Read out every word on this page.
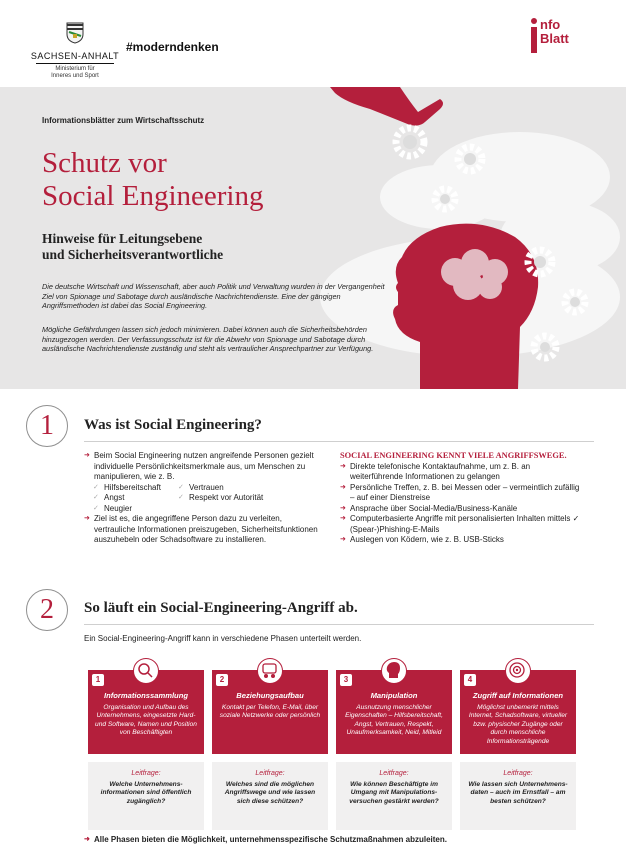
SACHSEN-ANHALT
Ministerium für
Inneres und Sport
#moderndenken
nfo
Blatt
Informationsblätter zum Wirtschaftsschutz
Schutz vor
Social Engineering
Hinweise für Leitungsebene
und Sicherheitsverantwortliche
Die deutsche Wirtschaft und Wissenschaft, aber auch Politik und Verwaltung wurden in der Vergangenheit Ziel von Spionage und Sabotage durch ausländische Nachrichtendienste. Eine der gängigen Angriffsmethoden ist dabei das Social Engineering.
Mögliche Gefährdungen lassen sich jedoch minimieren. Dabei können auch die Sicherheitsbehörden hinzugezogen werden. Der Verfassungsschutz ist für die Abwehr von Spionage und Sabotage durch ausländische Nachrichtendienste zuständig und steht als vertraulicher Ansprechpartner zur Verfügung.
1	Was ist Social Engineering?
➜ Beim Social Engineering nutzen angreifende Personen gezielt individuelle Persönlichkeitsmerkmale aus, um Menschen zu manipulieren, wie z. B.
✓ Hilfsbereitschaft	✓ Vertrauen
✓ Angst	✓ Respekt vor Autorität
✓ Neugier
➜ Ziel ist es, die angegriffene Person dazu zu verleiten, vertrauliche Informationen preiszugeben, Sicherheitsfunktionen auszuhebeln oder Schadsoftware zu installieren.
SOCIAL ENGINEERING KENNT VIELE ANGRIFFSWEGE.
➜ Direkte telefonische Kontaktaufnahme, um z. B. an weiterführende Informationen zu gelangen
➜ Persönliche Treffen, z. B. bei Messen oder – vermeintlich zufällig – auf einer Dienstreise
➜ Ansprache über Social-Media/Business-Kanäle
➜ Computerbasierte Angriffe mit personalisierten Inhalten mittels ✓ (Spear-)Phishing-E-Mails
➜ Auslegen von Ködern, wie z. B. USB-Sticks
2	So läuft ein Social-Engineering-Angriff ab.
Ein Social-Engineering-Angriff kann in verschiedene Phasen unterteilt werden.
1
Informationssammlung
Organisation und Aufbau des Unternehmens, eingesetzte Hard- und Software, Namen und Position von Beschäftigten
Leitfrage:
Welche Unternehmensinformationen sind öffentlich zugänglich?
2
Beziehungsaufbau
Kontakt per Telefon, E-Mail, über soziale Netzwerke oder persönlich
Leitfrage:
Welches sind die möglichen Angriffswege und wie lassen sich diese schützen?
3
Manipulation
Ausnutzung menschlicher Eigenschaften – Hilfsbereitschaft, Angst, Vertrauen, Respekt, Unaufmerksamkeit, Neid, Mitleid
Leitfrage:
Wie können Beschäftigte im Umgang mit Manipulationsversuchen gestärkt werden?
4
Zugriff auf Informationen
Möglichst unbemerkt mittels Internet, Schadsoftware, virtueller bzw. physischer Zugänge oder durch menschliche Informationsträgende
Leitfrage:
Wie lassen sich Unternehmensdaten – auch im Ernstfall – am besten schützen?
➜ Alle Phasen bieten die Möglichkeit, unternehmensspezifische Schutzmaßnahmen abzuleiten.
